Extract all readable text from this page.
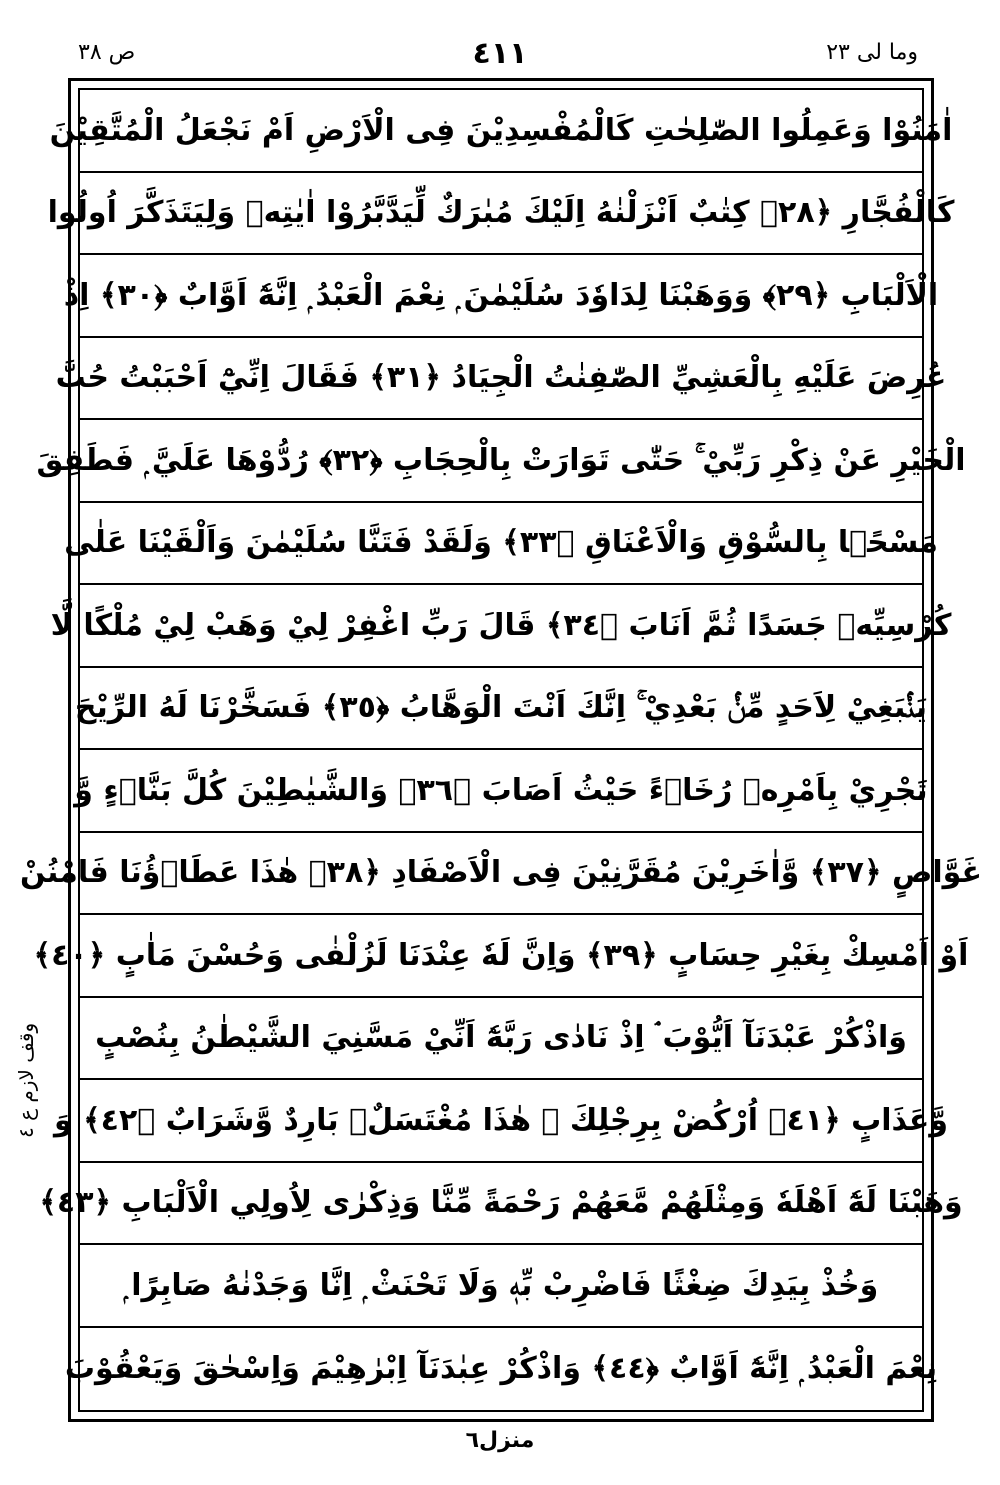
ص ٣٨	٤١١	وما لی ٢٣
اٰمَنُوْا وَعَمِلُوا الصّٰلِحٰتِ كَالْمُفْسِدِيْنَ فِى الْاَرْضِ اَمْ نَجْعَلُ الْمُتَّقِيْنَ
كَالْفُجَّارِ ﴿٢٨﴾ كِتٰبٌ اَنْزَلْنٰهُ اِلَيْكَ مُبٰرَكٌ لِّيَدَّبَّرُوْا اٰيٰتِهٖ وَلِيَتَذَكَّرَ اُولُوا
الْاَلْبَابِ ﴿٢٩﴾ وَوَهَبْنَا لِدَاوٗدَ سُلَيْمٰنَ ۭ نِعْمَ الْعَبْدُ ۭ اِنَّهٗٓ اَوَّابٌ ﴿٣٠﴾ اِذْ
عُرِضَ عَلَيْهِ بِالْعَشِيِّ الصّٰفِنٰتُ الْجِيَادُ ﴿٣١﴾ فَقَالَ اِنِّيْٓ اَحْبَبْتُ حُبَّ
الْخَيْرِ عَنْ ذِكْرِ رَبِّيْ ۚ حَتّٰى تَوَارَتْ بِالْحِجَابِ ﴿٣٢﴾ رُدُّوْهَا عَلَيَّ ۭ فَطَفِقَ
مَسْحًۢا بِالسُّوْقِ وَالْاَعْنَاقِ ﴿٣٣﴾ وَلَقَدْ فَتَنَّا سُلَيْمٰنَ وَاَلْقَيْنَا عَلٰى
كُرْسِيِّهٖ جَسَدًا ثُمَّ اَنَابَ ﴿٣٤﴾ قَالَ رَبِّ اغْفِرْ لِيْ وَهَبْ لِيْ مُلْكًا لَّا
يَنْۢبَغِيْ لِاَحَدٍ مِّنْۢ بَعْدِيْ ۚ اِنَّكَ اَنْتَ الْوَهَّابُ ﴿٣٥﴾ فَسَخَّرْنَا لَهُ الرِّيْحَ
تَجْرِيْ بِاَمْرِهٖ رُخَاۗءً حَيْثُ اَصَابَ ﴿٣٦﴾ وَالشَّيٰطِيْنَ كُلَّ بَنَّاۗءٍ وَّ
غَوَّاصٍ ﴿٣٧﴾ وَّاٰخَرِيْنَ مُقَرَّنِيْنَ فِى الْاَصْفَادِ ﴿٣٨﴾ ھٰذَا عَطَاۗؤُنَا فَامْنُنْ
اَوْ اَمْسِكْ بِغَيْرِ حِسَابٍ ﴿٣٩﴾ وَاِنَّ لَهٗ عِنْدَنَا لَزُلْفٰى وَحُسْنَ مَاٰبٍ ﴿٤٠﴾
وَاذْكُرْ عَبْدَنَآ اَيُّوْبَ ۘ اِذْ نَادٰى رَبَّهٗٓ اَنِّيْ مَسَّنِيَ الشَّيْطٰنُ بِنُصْبٍ
وَّعَذَابٍ ﴿٤١﴾ اُرْكُضْ بِرِجْلِكَ ۚ ھٰذَا مُغْتَسَلٌۢ بَارِدٌ وَّشَرَابٌ ﴿٤٢﴾ وَ
وَهَبْنَا لَهٗٓ اَهْلَهٗ وَمِثْلَهُمْ مَّعَهُمْ رَحْمَةً مِّنَّا وَذِكْرٰى لِاُولِي الْاَلْبَابِ ﴿٤٣﴾
وَخُذْ بِيَدِكَ ضِغْثًا فَاضْرِبْ بِّهٖ وَلَا تَحْنَثْ ۭ اِنَّا وَجَدْنٰهُ صَابِرًا ۭ
نِعْمَ الْعَبْدُ ۭ اِنَّهٗٓ اَوَّابٌ ﴿٤٤﴾ وَاذْكُرْ عِبٰدَنَآ اِبْرٰهِيْمَ وَاِسْحٰقَ وَيَعْقُوْبَ
وقف لازم ع ٤
منزل٦
